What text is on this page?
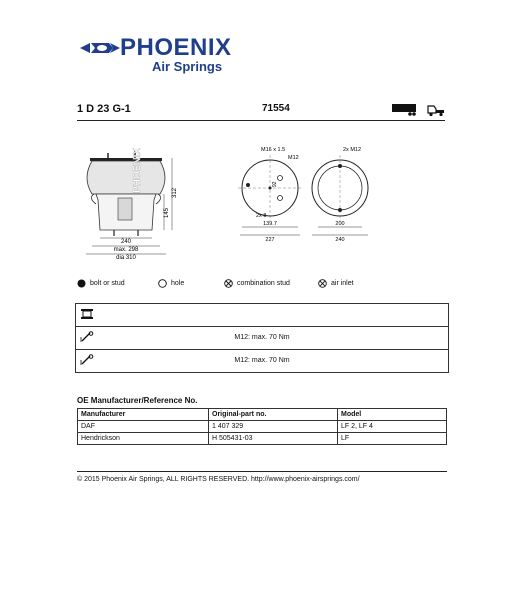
PHOENIX
Air Springs
1 D 23 G-1	71554
PHOENIX	312
145
240
max. 298
dia 310
M16 x 1.5
M12
2x 8
92
139.7
227
2x M12
200
240
bolt or stud	hole	combination stud	air inlet
M12: max. 70 Nm
M12: max. 70 Nm
OE Manufacturer/Reference No.
Manufacturer	Original-part no.	Model
DAF	1 407 329	LF 2, LF 4
Hendrickson	H 505431-03	LF
© 2015 Phoenix Air Springs, ALL RIGHTS RESERVED. http://www.phoenix-airsprings.com/
